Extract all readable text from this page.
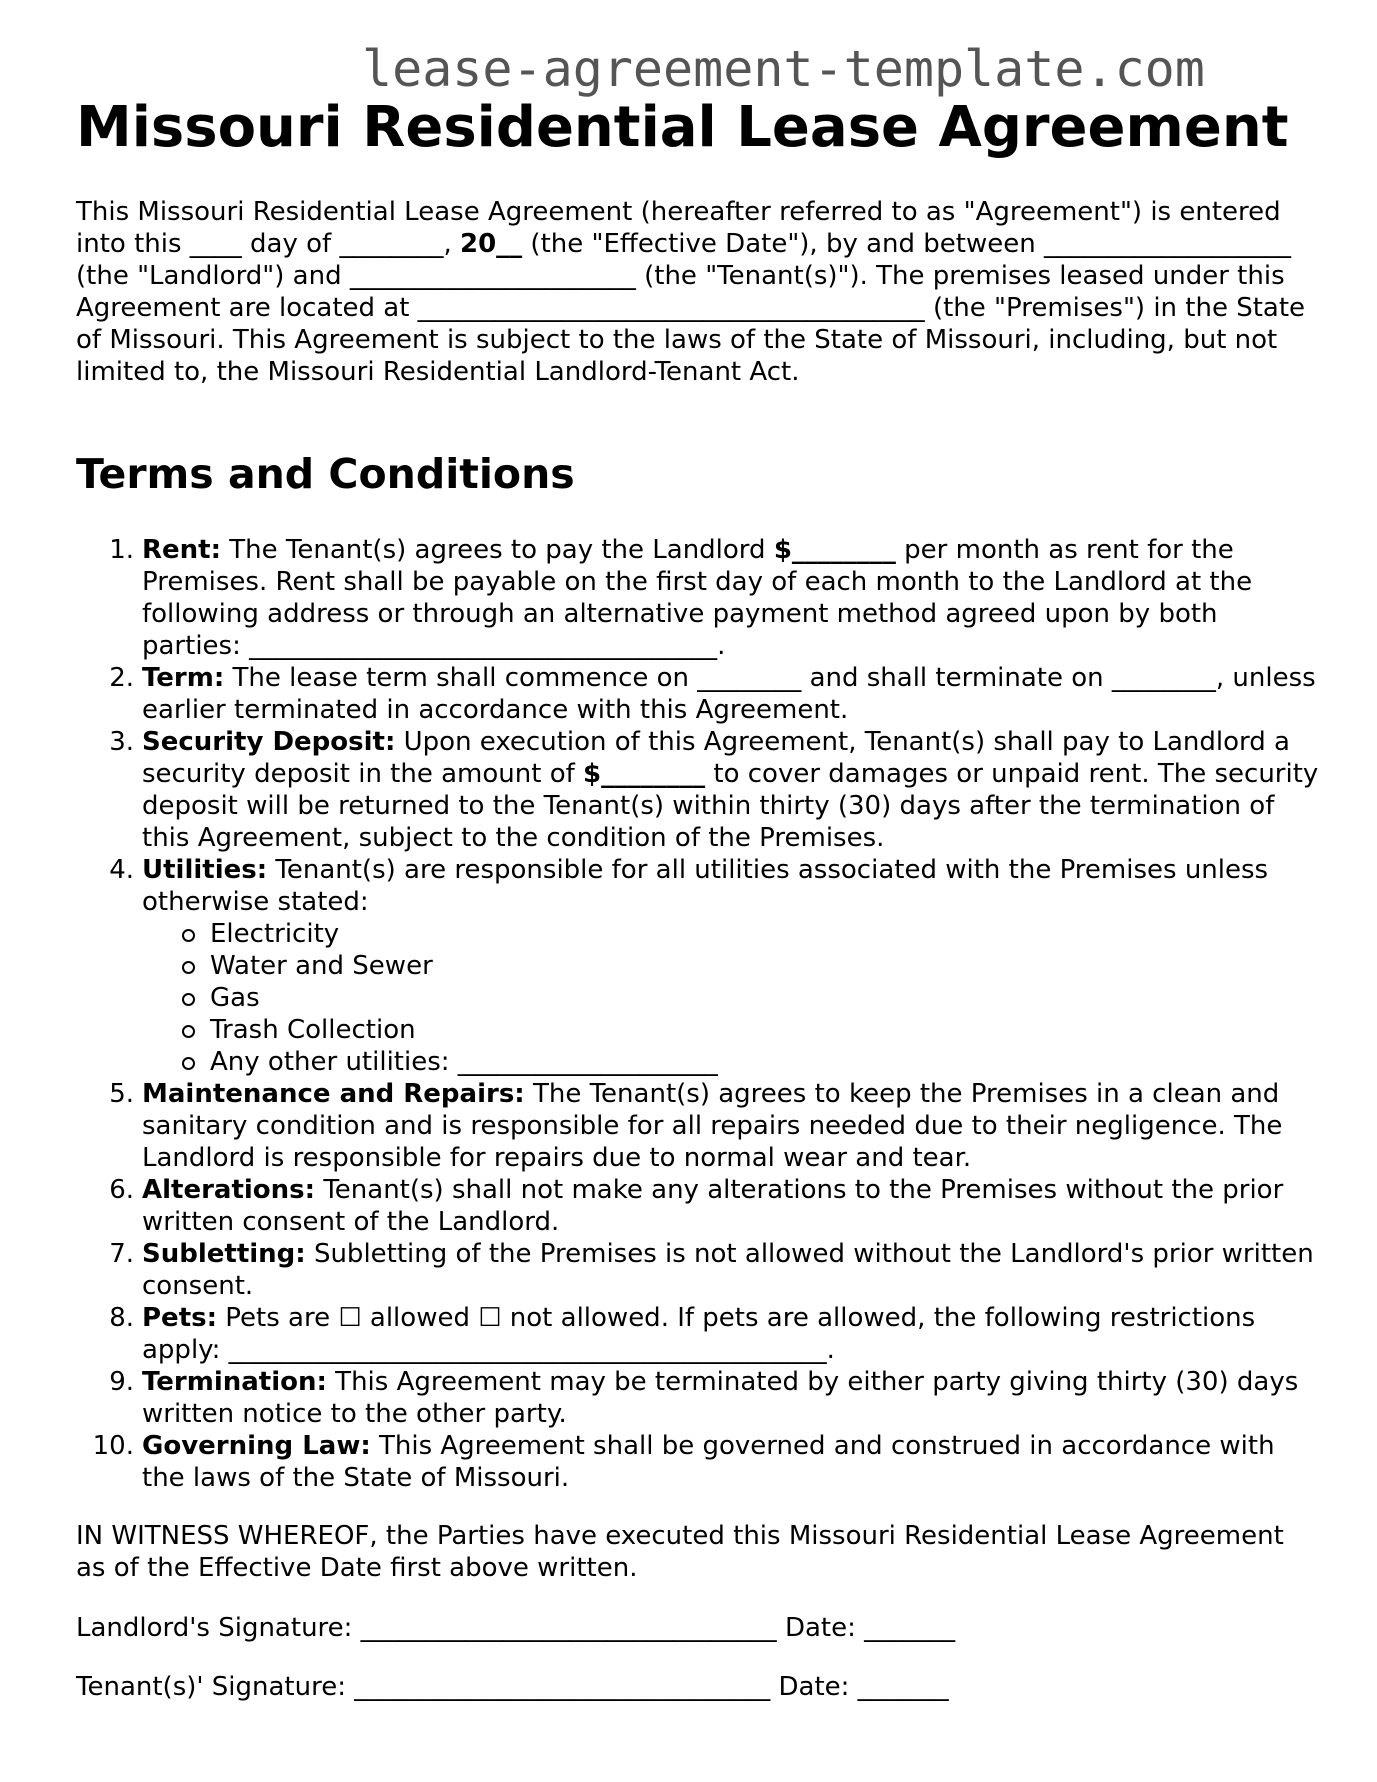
lease-agreement-template.com
Missouri Residential Lease Agreement

This Missouri Residential Lease Agreement (hereafter referred to as "Agreement") is entered into this ____ day of ________, 20__ (the "Effective Date"), by and between ___________________ (the "Landlord") and ______________________ (the "Tenant(s)"). The premises leased under this Agreement are located at _______________________________________ (the "Premises") in the State of Missouri. This Agreement is subject to the laws of the State of Missouri, including, but not limited to, the Missouri Residential Landlord-Tenant Act.

Terms and Conditions
1. Rent: The Tenant(s) agrees to pay the Landlord $________ per month as rent for the Premises. Rent shall be payable on the first day of each month to the Landlord at the following address or through an alternative payment method agreed upon by both parties: ____________________________________.
2. Term: The lease term shall commence on ________ and shall terminate on ________, unless earlier terminated in accordance with this Agreement.
3. Security Deposit: Upon execution of this Agreement, Tenant(s) shall pay to Landlord a security deposit in the amount of $________ to cover damages or unpaid rent. The security deposit will be returned to the Tenant(s) within thirty (30) days after the termination of this Agreement, subject to the condition of the Premises.
4. Utilities: Tenant(s) are responsible for all utilities associated with the Premises unless otherwise stated:
Electricity
Water and Sewer
Gas
Trash Collection
Any other utilities: ____________________
5. Maintenance and Repairs: The Tenant(s) agrees to keep the Premises in a clean and sanitary condition and is responsible for all repairs needed due to their negligence. The Landlord is responsible for repairs due to normal wear and tear.
6. Alterations: Tenant(s) shall not make any alterations to the Premises without the prior written consent of the Landlord.
7. Subletting: Subletting of the Premises is not allowed without the Landlord's prior written consent.
8. Pets: Pets are ☐ allowed ☐ not allowed. If pets are allowed, the following restrictions apply: ______________________________________________.
9. Termination: This Agreement may be terminated by either party giving thirty (30) days written notice to the other party.
10. Governing Law: This Agreement shall be governed and construed in accordance with the laws of the State of Missouri.

IN WITNESS WHEREOF, the Parties have executed this Missouri Residential Lease Agreement as of the Effective Date first above written.

Landlord's Signature: ________________________________ Date: _______

Tenant(s)' Signature: ________________________________ Date: _______
